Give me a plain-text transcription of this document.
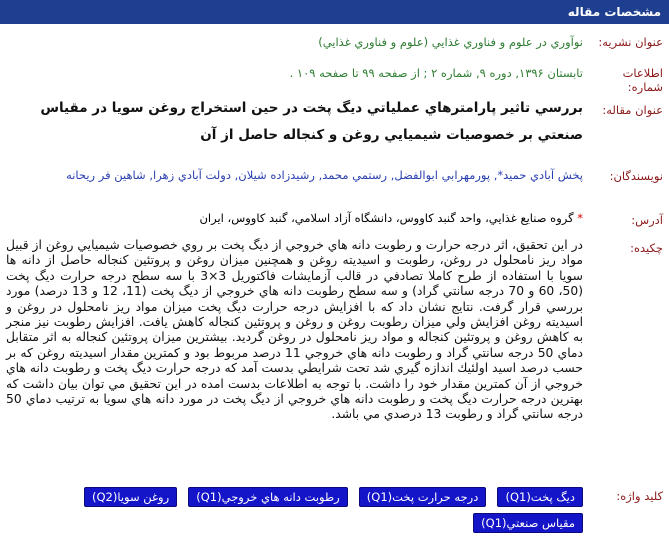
مشخصات مقاله
عنوان نشريه:
نوآوري در علوم و فناوري غذايي (علوم و فناوري غذايي)
اطلاعات شماره:
تابستان ۱۳۹۶, دوره ۹, شماره ۲ ; از صفحه ۹۹ تا صفحه ۱۰۹ .
عنوان مقاله:
بررسي تاثير پارامترهاي عملياتي ديگ پخت در حين استخراج روغن سويا در مقياس صنعتي بر خصوصيات شيميايي روغن و كنجاله حاصل از آن
نويسندگان:
پخش آبادي حميد*, پورمهرابي ابوالفضل, رستمي محمد, رشيدزاده شيلان, دولت آبادي زهرا, شاهين فر ريحانه
آدرس:
* گروه صنايع غذايي، واحد گنبد كاووس، دانشگاه آزاد اسلامي، گنبد كاووس، ايران
چكيده:
در اين تحقيق، اثر درجه حرارت و رطوبت دانه هاي خروجي از ديگ پخت بر روي خصوصيات شيميايي روغن از قبيل مواد ريز نامحلول در روغن، رطوبت و اسيديته روغن و همچنين ميزان روغن و پروتئين كنجاله حاصل از دانه ها سويا با استفاده از طرح كاملا تصادفي در قالب آزمايشات فاكتوريل 3×3 با سه سطح درجه حرارت ديگ پخت (50، 60 و 70 درجه سانتي گراد) و سه سطح رطوبت دانه هاي خروجي از ديگ پخت (11، 12 و 13 درصد) مورد بررسي قرار گرفت. نتايج نشان داد كه با افزايش درجه حرارت ديگ پخت ميزان مواد ريز نامحلول در روغن و اسيديته روغن افزايش ولي ميزان رطوبت روغن و روغن و پروتئين كنجاله كاهش يافت. افزايش رطوبت نيز منجر به كاهش روغن و پروتئين كنجاله و مواد ريز نامحلول در روغن گرديد. بيشترين ميزان پروتئين كنجاله به اثر متقابل دماي 50 درجه سانتي گراد و رطوبت دانه هاي خروجي 11 درصد مربوط بود و كمترين مقدار اسيديته روغن كه بر حسب درصد اسيد اولئيك اندازه گيري شد تحت شرايطي بدست آمد كه درجه حرارت ديگ پخت و رطوبت دانه هاي خروجي از آن كمترين مقدار خود را داشت. با توجه به اطلاعات بدست امده در اين تحقيق مي توان بيان داشت كه بهترين درجه حرارت ديگ پخت و رطوبت دانه هاي خروجي از ديگ پخت در مورد دانه هاي سويا به ترتيب دماي 50 درجه سانتي گراد و رطوبت 13 درصدي مي باشد.
كليد واژه:
ديگ پخت(Q1) درجه حرارت پخت(Q1) رطوبت دانه هاي خروجي(Q1) روغن سويا(Q2) مقياس صنعتي(Q1)
